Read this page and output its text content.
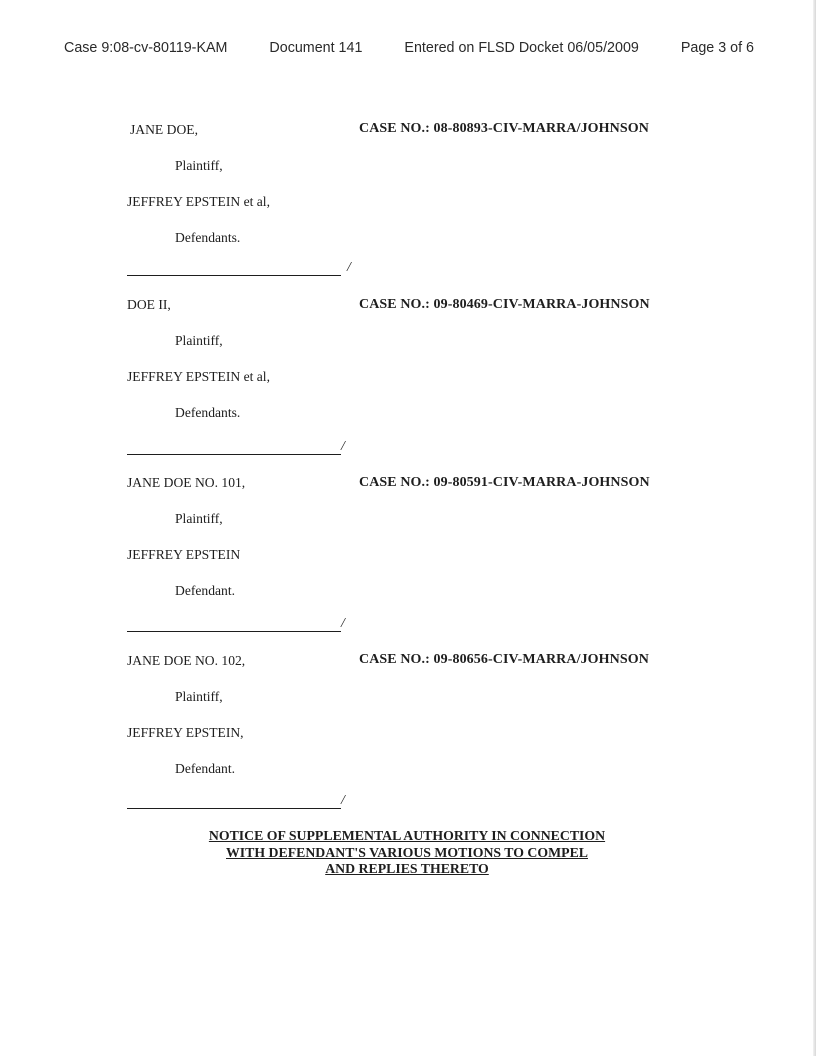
Case 9:08-cv-80119-KAM	Document 141	Entered on FLSD Docket 06/05/2009	Page 3 of 6
JANE DOE,	CASE NO.: 08-80893-CIV-MARRA/JOHNSON
Plaintiff,
JEFFREY EPSTEIN et al,
Defendants.
/
DOE II,	CASE NO.: 09-80469-CIV-MARRA-JOHNSON
Plaintiff,
JEFFREY EPSTEIN et al,
Defendants.
/
JANE DOE NO. 101,	CASE NO.: 09-80591-CIV-MARRA-JOHNSON
Plaintiff,
JEFFREY EPSTEIN
Defendant.
/
JANE DOE NO. 102,	CASE NO.: 09-80656-CIV-MARRA/JOHNSON
Plaintiff,
JEFFREY EPSTEIN,
Defendant.
/
NOTICE OF SUPPLEMENTAL AUTHORITY IN CONNECTION
WITH DEFENDANT'S VARIOUS MOTIONS TO COMPEL
AND REPLIES THERETO
